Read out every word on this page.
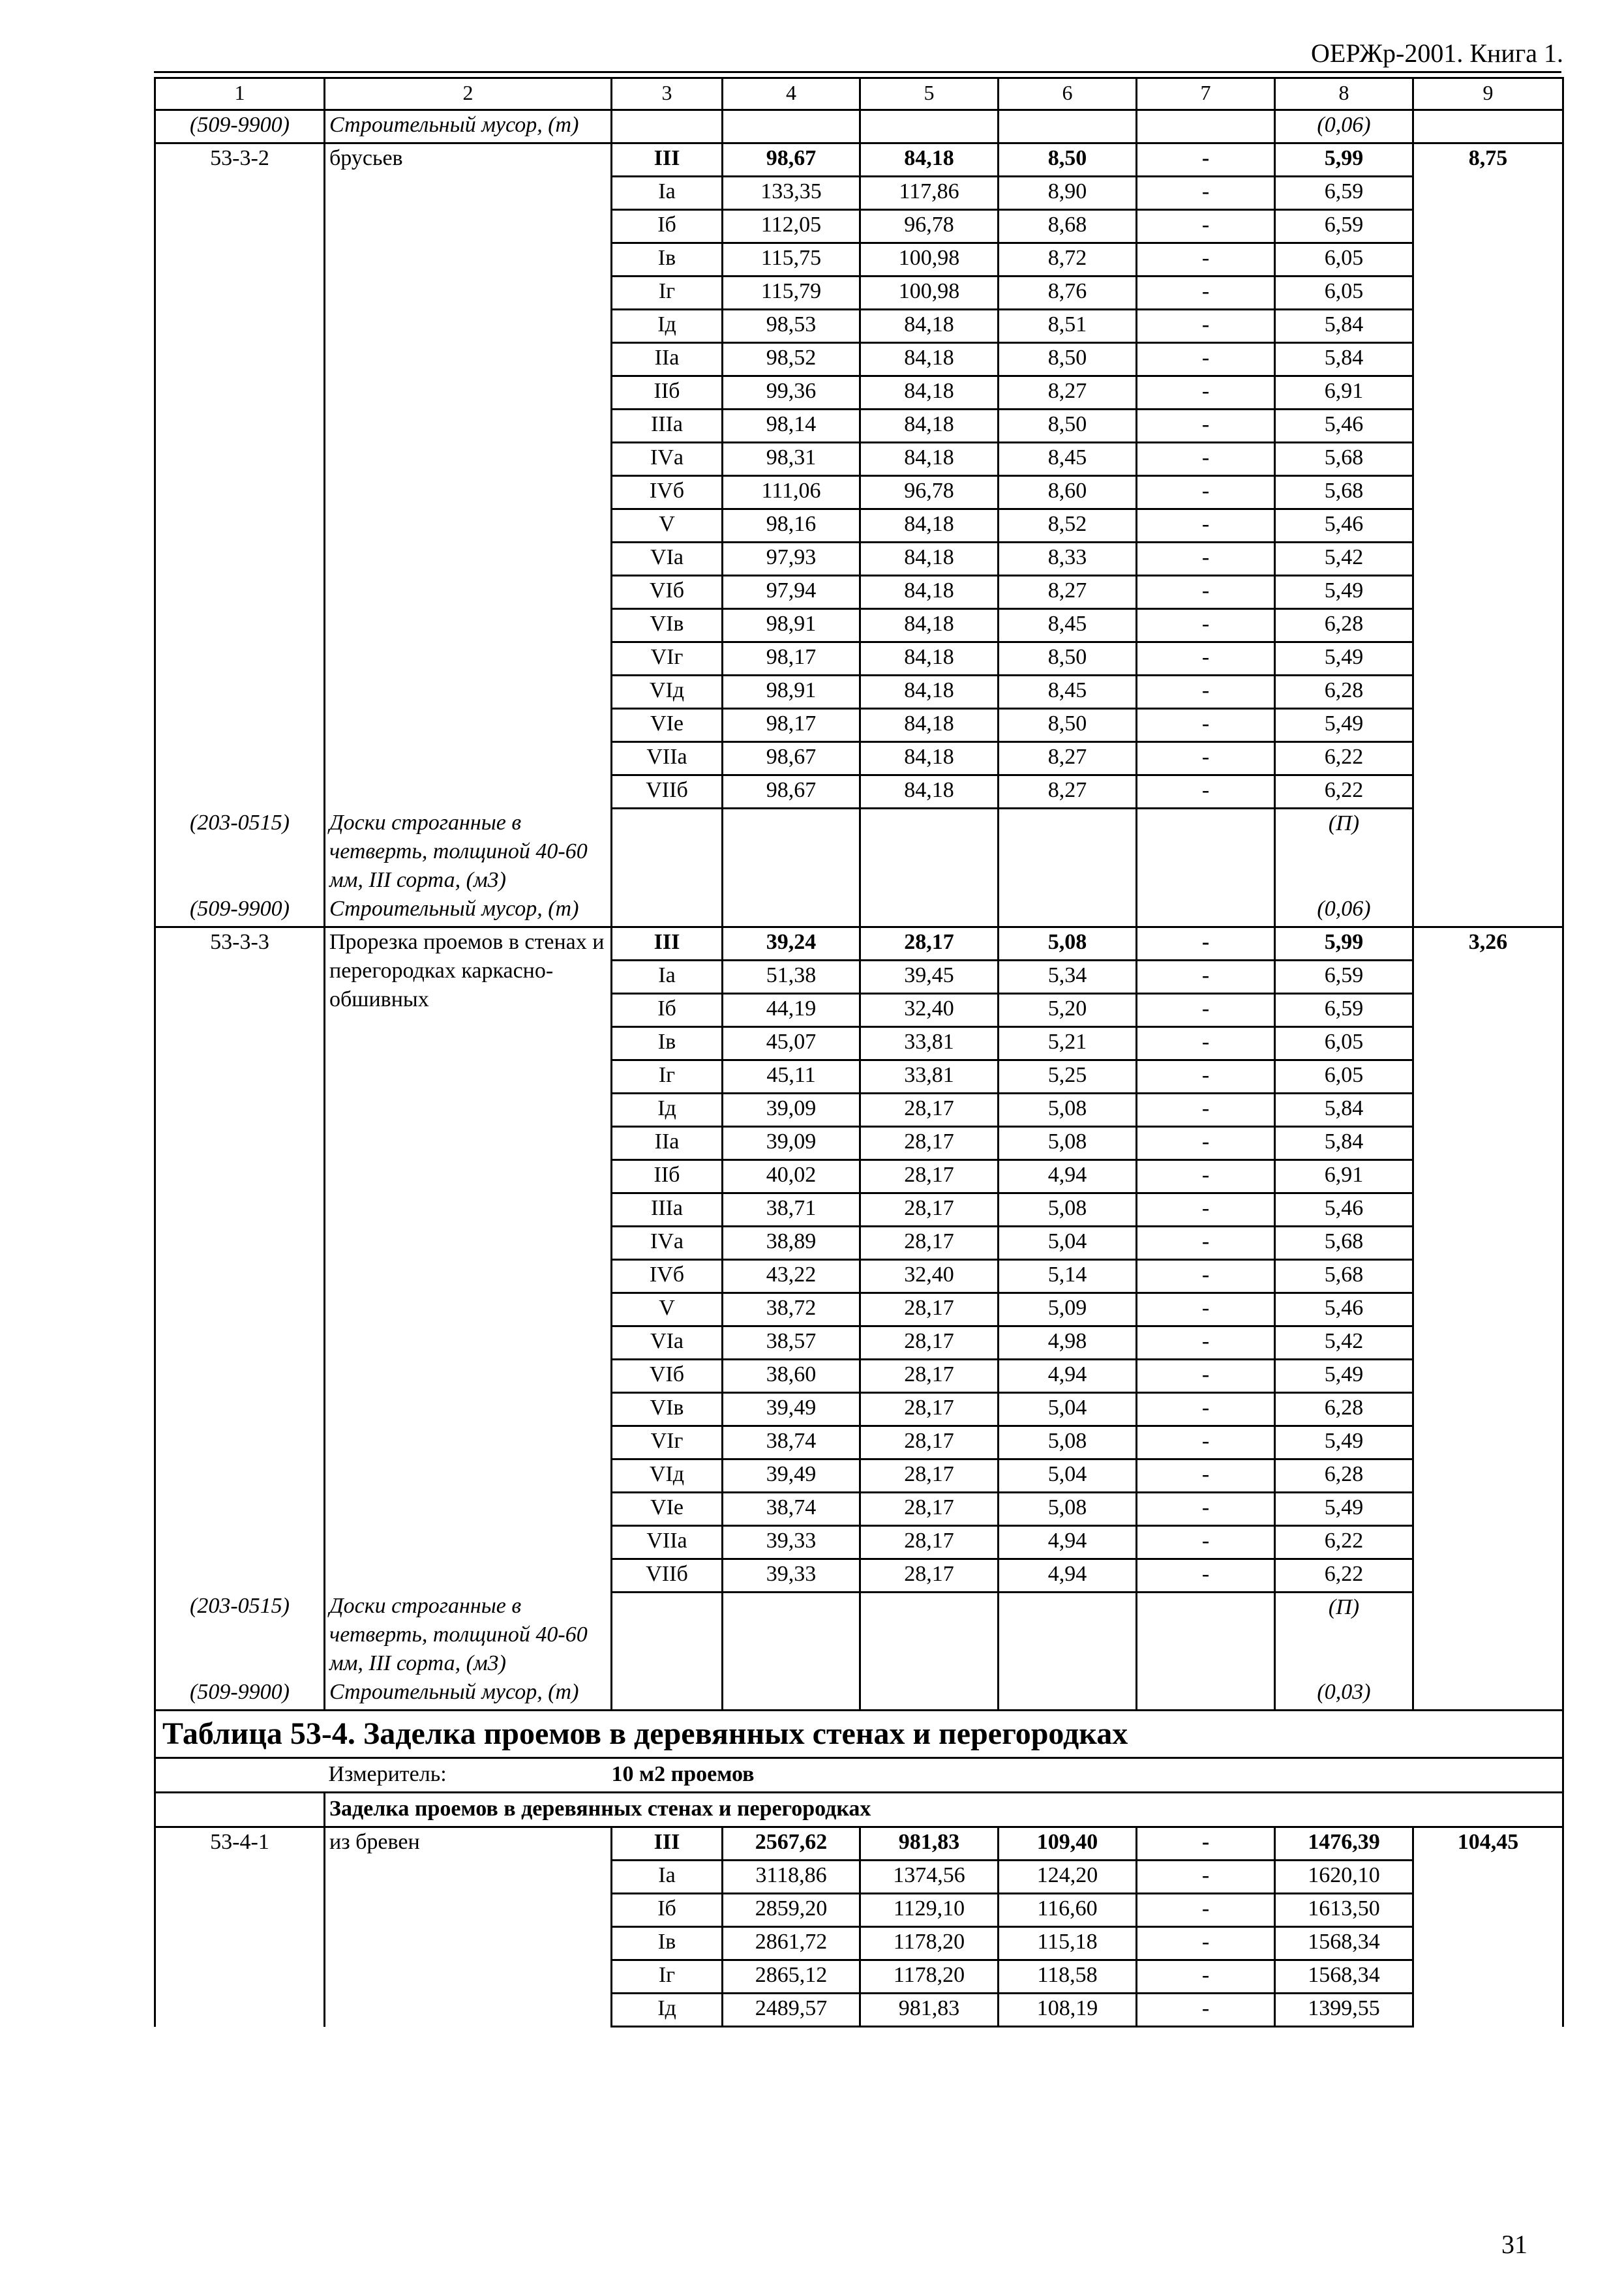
ОЕРЖр-2001. Книга 1.
1	2	3	4	5	6	7	8	9
(509-9900)	Строительный мусор, (т)						(0,06)	
53-3-2	брусьев	III	98,67	84,18	8,50	-	5,99	8,75
		Iа	133,35	117,86	8,90	-	6,59	
		Iб	112,05	96,78	8,68	-	6,59	
		Iв	115,75	100,98	8,72	-	6,05	
		Iг	115,79	100,98	8,76	-	6,05	
		Iд	98,53	84,18	8,51	-	5,84	
		IIа	98,52	84,18	8,50	-	5,84	
		IIб	99,36	84,18	8,27	-	6,91	
		IIIа	98,14	84,18	8,50	-	5,46	
		IVа	98,31	84,18	8,45	-	5,68	
		IVб	111,06	96,78	8,60	-	5,68	
		V	98,16	84,18	8,52	-	5,46	
		VIа	97,93	84,18	8,33	-	5,42	
		VIб	97,94	84,18	8,27	-	5,49	
		VIв	98,91	84,18	8,45	-	6,28	
		VIг	98,17	84,18	8,50	-	5,49	
		VIд	98,91	84,18	8,45	-	6,28	
		VIе	98,17	84,18	8,50	-	5,49	
		VIIа	98,67	84,18	8,27	-	6,22	
		VIIб	98,67	84,18	8,27	-	6,22	
(203-0515)	Доски строганные в четверть, толщиной 40-60 мм, III сорта, (м3)						(П)	
(509-9900)	Строительный мусор, (т)						(0,06)	
53-3-3	Прорезка проемов в стенах и перегородках каркасно-обшивных	III	39,24	28,17	5,08	-	5,99	3,26
		Iа	51,38	39,45	5,34	-	6,59	
		Iб	44,19	32,40	5,20	-	6,59	
		Iв	45,07	33,81	5,21	-	6,05	
		Iг	45,11	33,81	5,25	-	6,05	
		Iд	39,09	28,17	5,08	-	5,84	
		IIа	39,09	28,17	5,08	-	5,84	
		IIб	40,02	28,17	4,94	-	6,91	
		IIIа	38,71	28,17	5,08	-	5,46	
		IVа	38,89	28,17	5,04	-	5,68	
		IVб	43,22	32,40	5,14	-	5,68	
		V	38,72	28,17	5,09	-	5,46	
		VIа	38,57	28,17	4,98	-	5,42	
		VIб	38,60	28,17	4,94	-	5,49	
		VIв	39,49	28,17	5,04	-	6,28	
		VIг	38,74	28,17	5,08	-	5,49	
		VIд	39,49	28,17	5,04	-	6,28	
		VIе	38,74	28,17	5,08	-	5,49	
		VIIа	39,33	28,17	4,94	-	6,22	
		VIIб	39,33	28,17	4,94	-	6,22	
(203-0515)	Доски строганные в четверть, толщиной 40-60 мм, III сорта, (м3)						(П)	
(509-9900)	Строительный мусор, (т)						(0,03)	
Таблица 53-4. Заделка проемов в деревянных стенах и перегородках								
	Измеритель:	10 м2 проемов						
	Заделка проемов в деревянных стенах и перегородках							
53-4-1	из бревен	III	2567,62	981,83	109,40	-	1476,39	104,45
		Iа	3118,86	1374,56	124,20	-	1620,10	
		Iб	2859,20	1129,10	116,60	-	1613,50	
		Iв	2861,72	1178,20	115,18	-	1568,34	
		Iг	2865,12	1178,20	118,58	-	1568,34	
		Iд	2489,57	981,83	108,19	-	1399,55	
31
